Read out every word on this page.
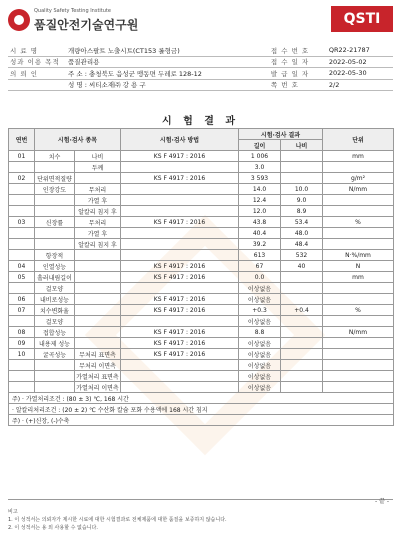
Quality Safety Testing Institute
품질안전기술연구원	QSTI
시 료 명	개량아스팔트 노출시트(CT153 롤형금)	접 수 번 호	QR22-21787
성과 이용 목적	품질관리용	접 수 일 자	2022-05-02
의 뢰 인	주 소 : 충청북도 음성군 맹동면 두레로 128-12	발 급 일 자	2022-05-30
	성 명 : 씨티소재㈜ 강 용 구	쪽 번 호	2/2
시 험 결 과
연번	시험·검사 종목		시험·검사 방법	시험·검사 결과		단위
				길이	나비	
01	치수	나비	KS F 4917 : 2016	1 006		mm
		두께		3.0		
02	단위면적질량		KS F 4917 : 2016	3 593		g/m²
	인장강도	무처리		14.0	10.0	N/mm
		가열 후		12.4	9.0	
		알칼리 침지 후		12.0	8.9	
03	신장률	무처리	KS F 4917 : 2016	43.8	53.4	%
		가열 후		40.4	48.0	
		알칼리 침지 후		39.2	48.4	
	항장적			613	532	N·%/mm
04	인열성능		KS F 4917 : 2016	67	40	N
05	흘러내림길이		KS F 4917 : 2016	0.0		mm
	걸모양			이상없음		
06	내비로성능		KS F 4917 : 2016	이상없음		
07	치수변화율		KS F 4917 : 2016	+0.3	+0.4	%
	걸모양			이상없음		
08	접합성능		KS F 4917 : 2016	8.8		N/mm
09	내용제 성능		KS F 4917 : 2016	이상없음		
10	굴곡성능	무처리 표면측	KS F 4917 : 2016	이상없음		
		무처리 이면측		이상없음		
		가열처리 표면측		이상없음		
		가열처리 이면측		이상없음		
주) · 가열처리조건 : (80 ± 3) ℃, 168 시간						
· 알칼리처리조건 : (20 ± 2) ℃ 수산화 칼슘 포화 수용액에 168 시간 침지						
주) · (+)신장, (-)수축						
- 끝 -
비고
1. 이 성적서는 의뢰자가 제시한 시료에 대한 시험결과로 전체제품에 대한 품질을 보증하지 않습니다.
2. 이 성적서는 용 외 사용할 수 없습니다.
